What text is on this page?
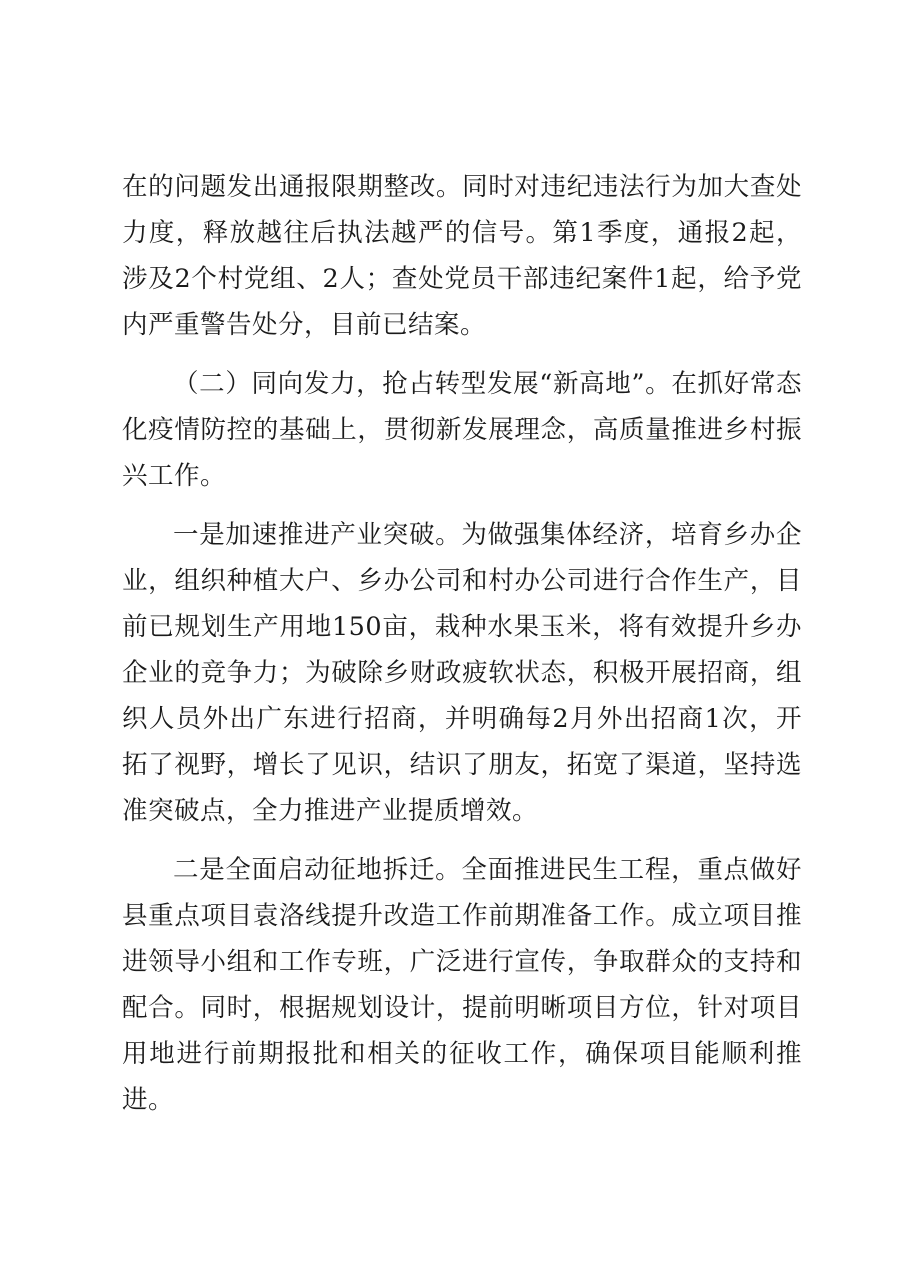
在的问题发出通报限期整改。同时对违纪违法行为加大查处力度，释放越往后执法越严的信号。第1季度，通报2起，涉及2个村党组、2人；查处党员干部违纪案件1起，给予党内严重警告处分，目前已结案。

（二）同向发力，抢占转型发展“新高地”。在抓好常态化疫情防控的基础上，贯彻新发展理念，高质量推进乡村振兴工作。

一是加速推进产业突破。为做强集体经济，培育乡办企业，组织种植大户、乡办公司和村办公司进行合作生产，目前已规划生产用地150亩，栽种水果玉米，将有效提升乡办企业的竞争力；为破除乡财政疲软状态，积极开展招商，组织人员外出广东进行招商，并明确每2月外出招商1次，开拓了视野，增长了见识，结识了朋友，拓宽了渠道，坚持选准突破点，全力推进产业提质增效。

二是全面启动征地拆迁。全面推进民生工程，重点做好县重点项目袁洛线提升改造工作前期准备工作。成立项目推进领导小组和工作专班，广泛进行宣传，争取群众的支持和配合。同时，根据规划设计，提前明晰项目方位，针对项目用地进行前期报批和相关的征收工作，确保项目能顺利推进。
